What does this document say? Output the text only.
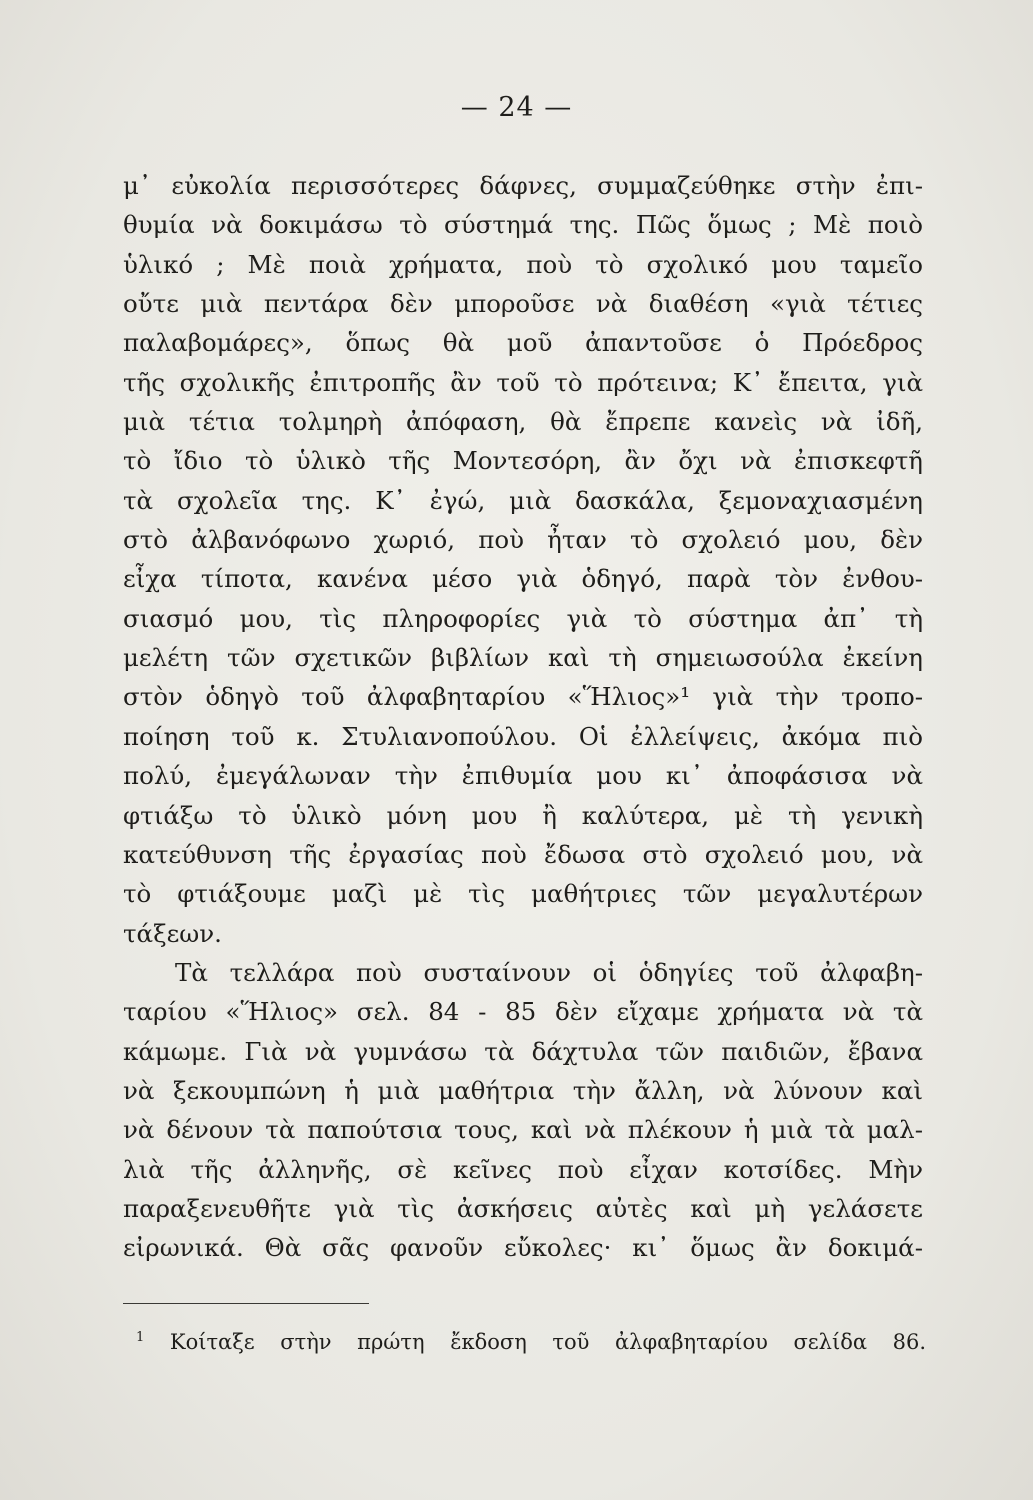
— 24 —
μ᾿ εὐκολία περισσότερες δάφνες, συμμαζεύθηκε στὴν ἐπι-
θυμία νὰ δοκιμάσω τὸ σύστημά της. Πῶς ὅμως ; Μὲ ποιὸ
ὑλικό ; Μὲ ποιὰ χρήματα, ποὺ τὸ σχολικό μου ταμεῖο
οὔτε μιὰ πεντάρα δὲν μποροῦσε νὰ διαθέση «γιὰ τέτιες
παλαβομάρες», ὅπως θὰ μοῦ ἀπαντοῦσε ὁ Πρόεδρος
τῆς σχολικῆς ἐπιτροπῆς ἂν τοῦ τὸ πρότεινα; Κ᾿ ἔπειτα, γιὰ
μιὰ τέτια τολμηρὴ ἀπόφαση, θὰ ἔπρεπε κανεὶς νὰ ἰδῆ,
τὸ ἴδιο τὸ ὑλικὸ τῆς Μοντεσόρη, ἂν ὄχι νὰ ἐπισκεφτῆ
τὰ σχολεῖα της. Κ᾿ ἐγώ, μιὰ δασκάλα, ξεμοναχιασμένη
στὸ ἀλβανόφωνο χωριό, ποὺ ἦταν τὸ σχολειό μου, δὲν
εἶχα τίποτα, κανένα μέσο γιὰ ὁδηγό, παρὰ τὸν ἐνθου-
σιασμό μου, τὶς πληροφορίες γιὰ τὸ σύστημα ἀπ᾿ τὴ
μελέτη τῶν σχετικῶν βιβλίων καὶ τὴ σημειωσούλα ἐκείνη
στὸν ὁδηγὸ τοῦ ἀλφαβηταρίου «Ἥλιος»¹ γιὰ τὴν τροπο-
ποίηση τοῦ κ. Στυλιανοπούλου. Οἱ ἐλλείψεις, ἀκόμα πιὸ
πολύ, ἐμεγάλωναν τὴν ἐπιθυμία μου κι᾿ ἀποφάσισα νὰ
φτιάξω τὸ ὑλικὸ μόνη μου ἢ καλύτερα, μὲ τὴ γενικὴ
κατεύθυνση τῆς ἐργασίας ποὺ ἔδωσα στὸ σχολειό μου, νὰ
τὸ φτιάξουμε μαζὶ μὲ τὶς μαθήτριες τῶν μεγαλυτέρων
τάξεων.
Τὰ τελλάρα ποὺ συσταίνουν οἱ ὁδηγίες τοῦ ἀλφαβη-
ταρίου «Ἥλιος» σελ. 84 - 85 δὲν εἴχαμε χρήματα νὰ τὰ
κάμωμε. Γιὰ νὰ γυμνάσω τὰ δάχτυλα τῶν παιδιῶν, ἔβανα
νὰ ξεκουμπώνη ἡ μιὰ μαθήτρια τὴν ἄλλη, νὰ λύνουν καὶ
νὰ δένουν τὰ παπούτσια τους, καὶ νὰ πλέκουν ἡ μιὰ τὰ μαλ-
λιὰ τῆς ἀλληνῆς, σὲ κεῖνες ποὺ εἶχαν κοτσίδες. Μὴν
παραξενευθῆτε γιὰ τὶς ἀσκήσεις αὐτὲς καὶ μὴ γελάσετε
εἰρωνικά. Θὰ σᾶς φανοῦν εὔκολες· κι᾿ ὅμως ἂν δοκιμά-
$^1$ Κοίταξε στὴν πρώτη ἔκδοση τοῦ ἀλφαβηταρίου σελίδα 86.
